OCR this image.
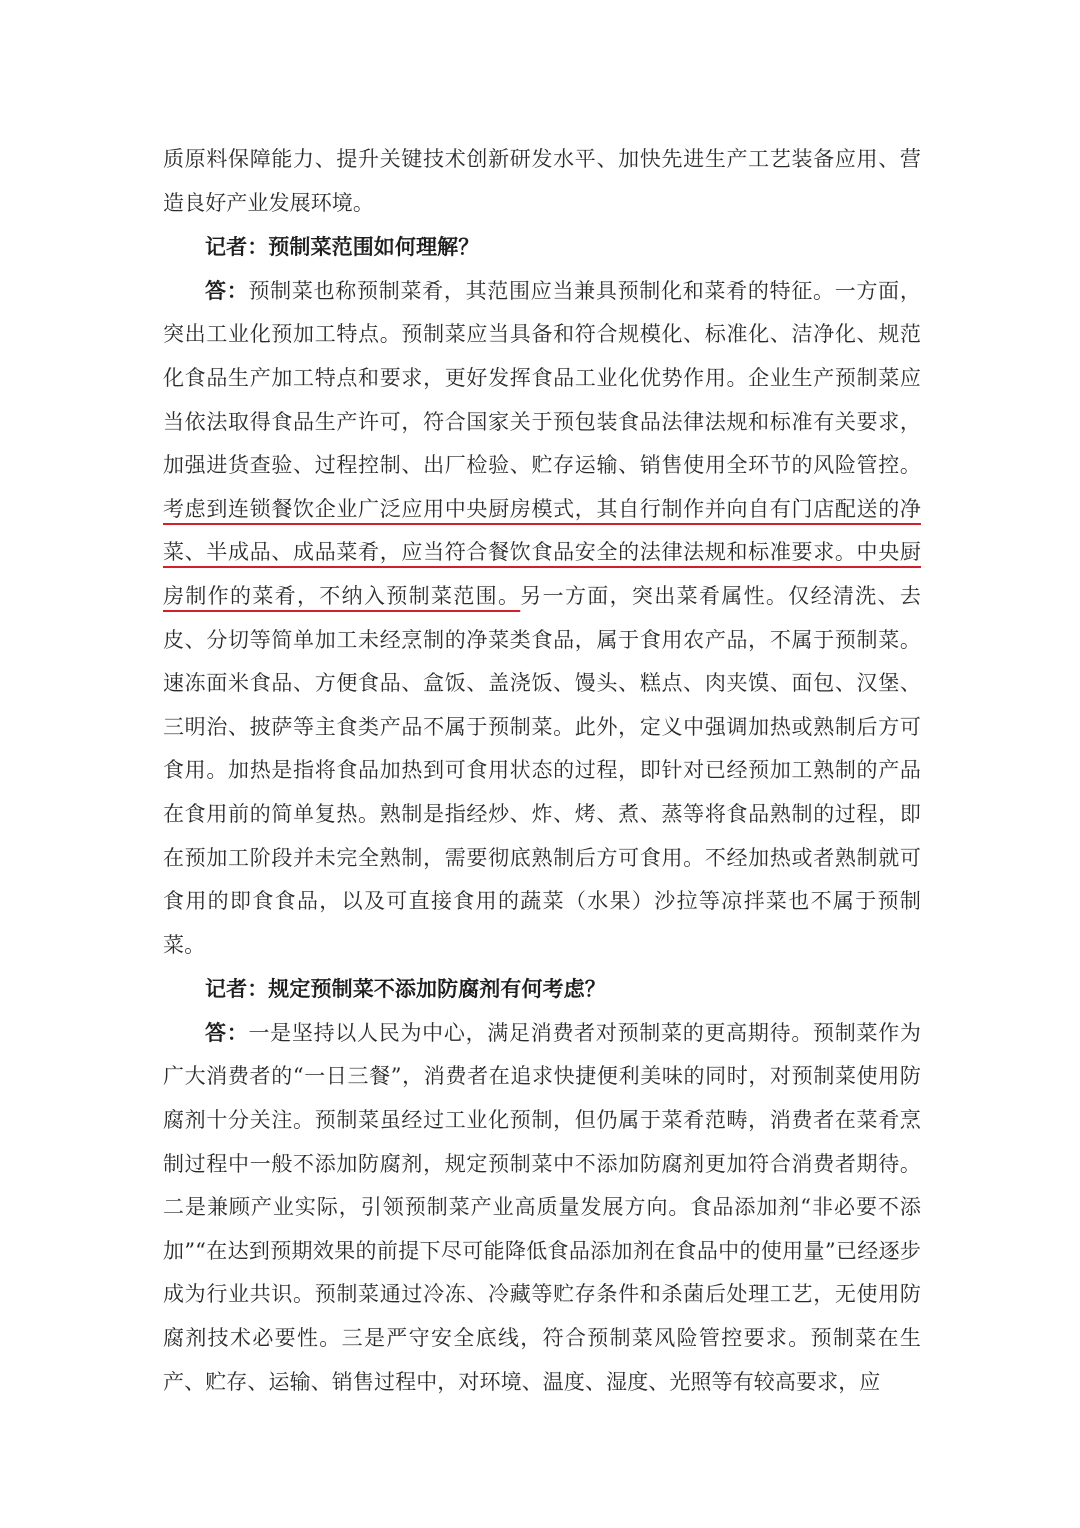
质原料保障能力、提升关键技术创新研发水平、加快先进生产工艺装备应用、营造良好产业发展环境。

记者：预制菜范围如何理解？

答：预制菜也称预制菜肴，其范围应当兼具预制化和菜肴的特征。一方面，突出工业化预加工特点。预制菜应当具备和符合规模化、标准化、洁净化、规范化食品生产加工特点和要求，更好发挥食品工业化优势作用。企业生产预制菜应当依法取得食品生产许可，符合国家关于预包装食品法律法规和标准有关要求，加强进货查验、过程控制、出厂检验、贮存运输、销售使用全环节的风险管控。考虑到连锁餐饮企业广泛应用中央厨房模式，其自行制作并向自有门店配送的净菜、半成品、成品菜肴，应当符合餐饮食品安全的法律法规和标准要求。中央厨房制作的菜肴，不纳入预制菜范围。另一方面，突出菜肴属性。仅经清洗、去皮、分切等简单加工未经烹制的净菜类食品，属于食用农产品，不属于预制菜。速冻面米食品、方便食品、盒饭、盖浇饭、馒头、糕点、肉夹馍、面包、汉堡、三明治、披萨等主食类产品不属于预制菜。此外，定义中强调加热或熟制后方可食用。加热是指将食品加热到可食用状态的过程，即针对已经预加工熟制的产品在食用前的简单复热。熟制是指经炒、炸、烤、煮、蒸等将食品熟制的过程，即在预加工阶段并未完全熟制，需要彻底熟制后方可食用。不经加热或者熟制就可食用的即食食品，以及可直接食用的蔬菜（水果）沙拉等凉拌菜也不属于预制菜。

记者：规定预制菜不添加防腐剂有何考虑？

答：一是坚持以人民为中心，满足消费者对预制菜的更高期待。预制菜作为广大消费者的“一日三餐”，消费者在追求快捷便利美味的同时，对预制菜使用防腐剂十分关注。预制菜虽经过工业化预制，但仍属于菜肴范畴，消费者在菜肴烹制过程中一般不添加防腐剂，规定预制菜中不添加防腐剂更加符合消费者期待。二是兼顾产业实际，引领预制菜产业高质量发展方向。食品添加剂“非必要不添加”“在达到预期效果的前提下尽可能降低食品添加剂在食品中的使用量”已经逐步成为行业共识。预制菜通过冷冻、冷藏等贮存条件和杀菌后处理工艺，无使用防腐剂技术必要性。三是严守安全底线，符合预制菜风险管控要求。预制菜在生产、贮存、运输、销售过程中，对环境、温度、湿度、光照等有较高要求，应
